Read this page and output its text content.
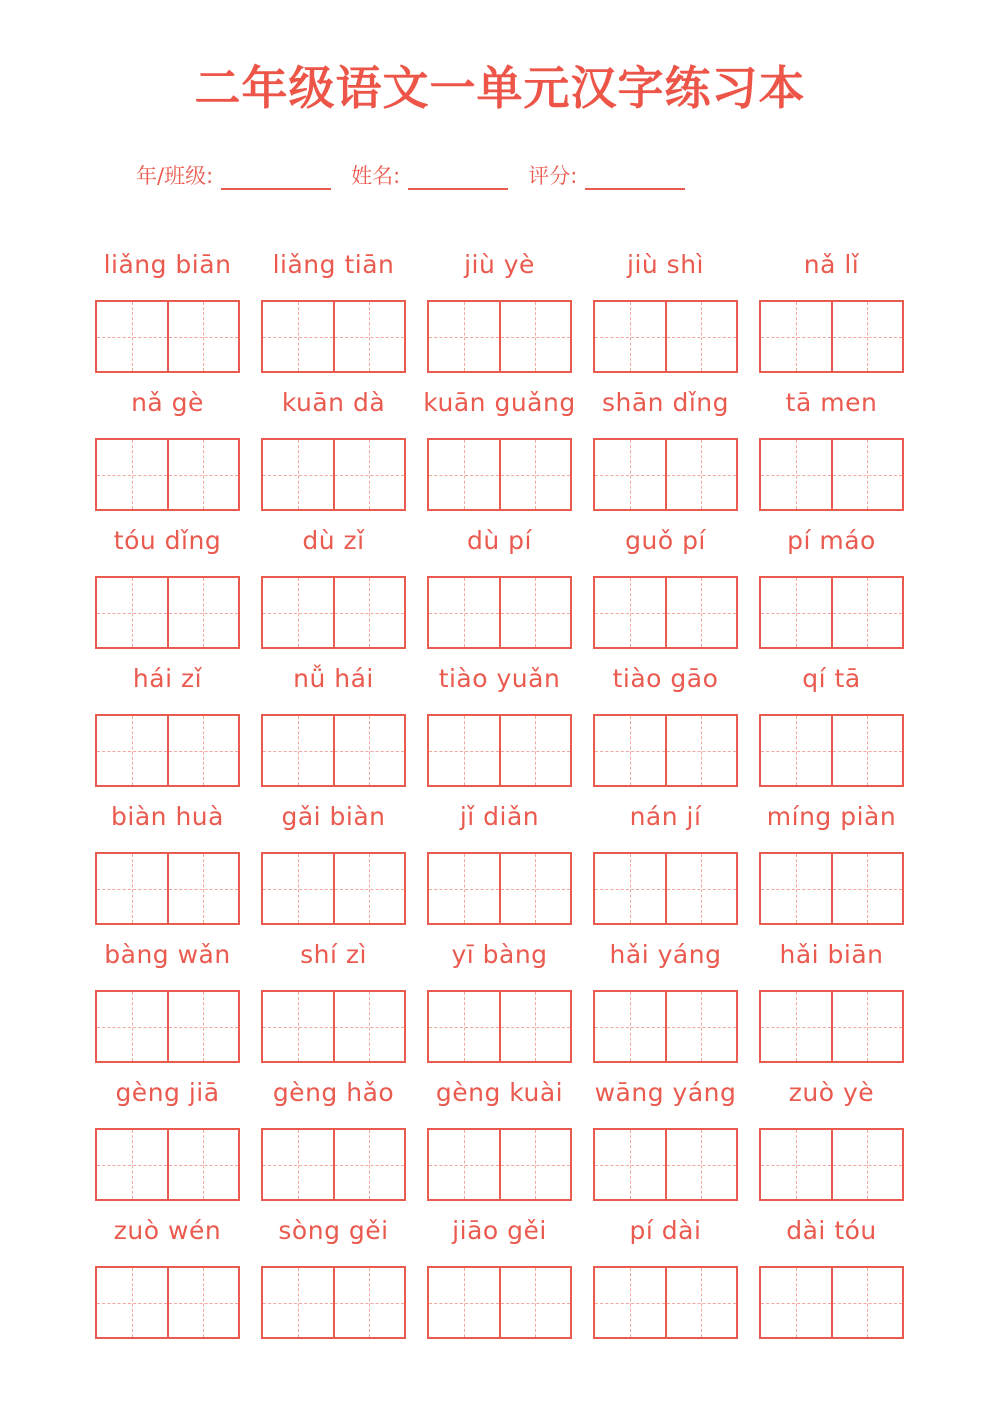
二年级语文一单元汉字练习本
年/班级:	姓名:	评分:
liǎng biān	liǎng tiān	jiù yè	jiù shì	nǎ lǐ
nǎ gè	kuān dà	kuān guǎng	shān dǐng	tā men
tóu dǐng	dù zǐ	dù pí	guǒ pí	pí máo
hái zǐ	nǚ hái	tiào yuǎn	tiào gāo	qí tā
biàn huà	gǎi biàn	jǐ diǎn	nán jí	míng piàn
bàng wǎn	shí zì	yī bàng	hǎi yáng	hǎi biān
gèng jiā	gèng hǎo	gèng kuài	wāng yáng	zuò yè
zuò wén	sòng gěi	jiāo gěi	pí dài	dài tóu
